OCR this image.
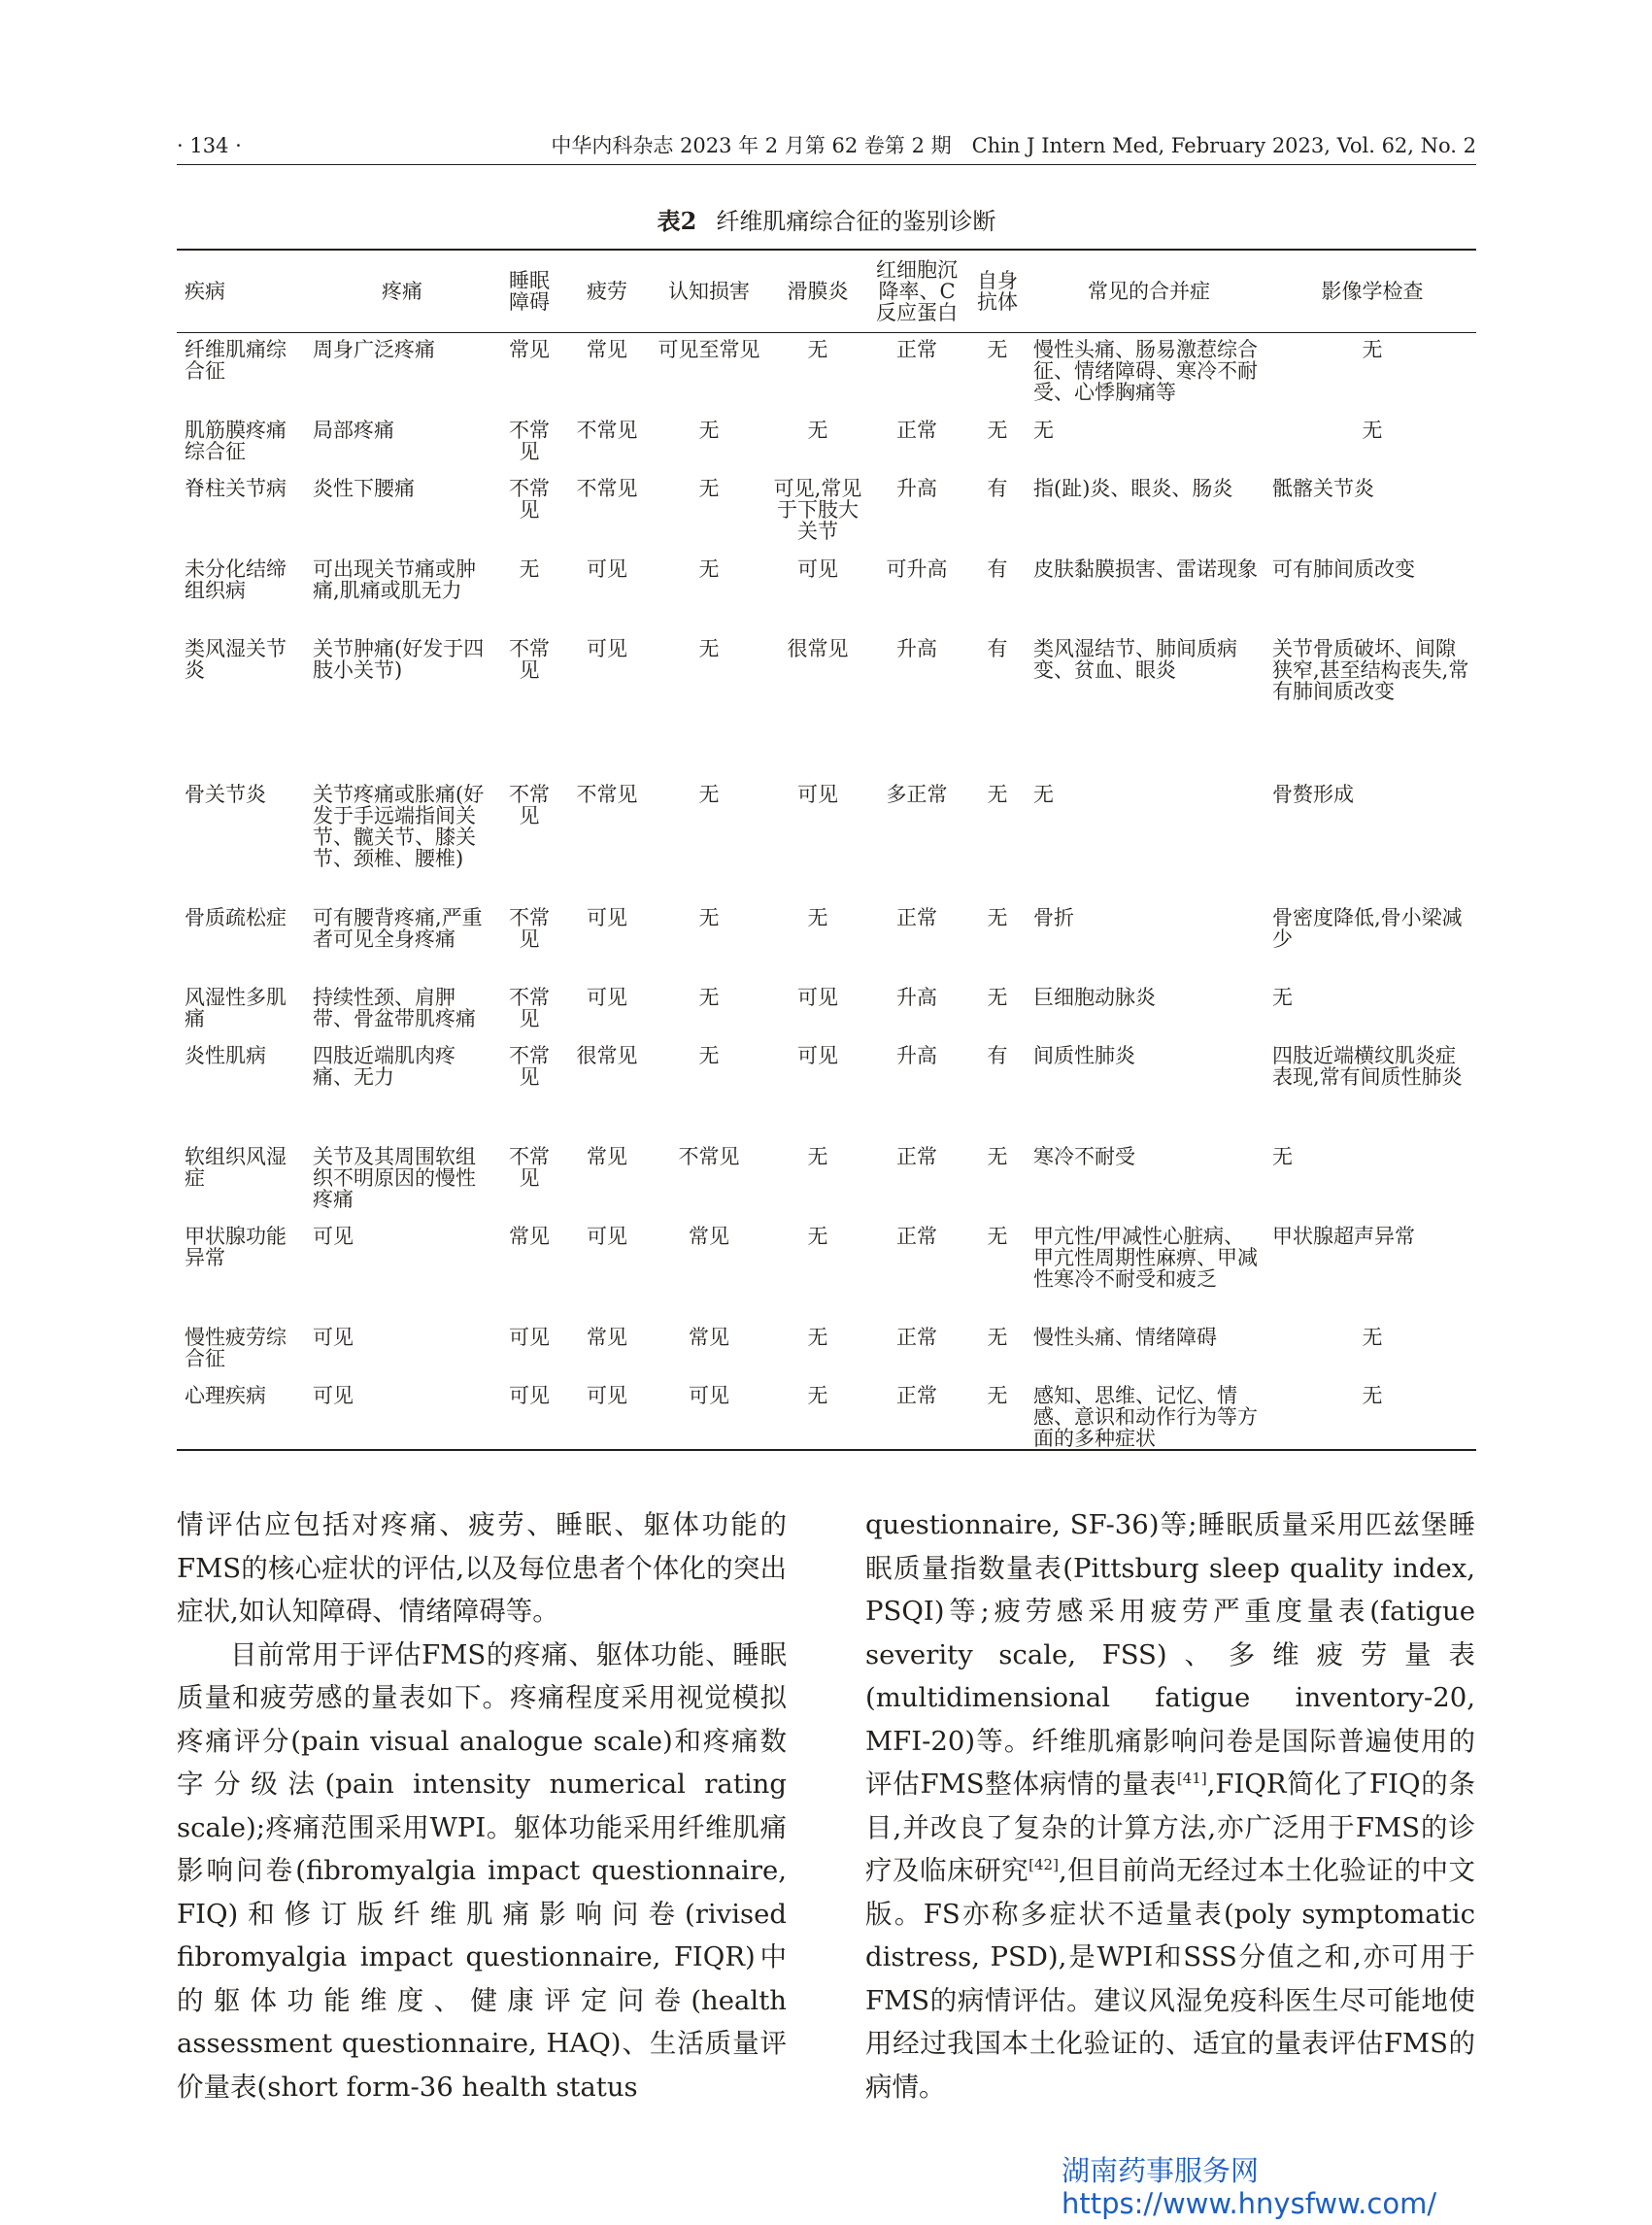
· 134 ·	中华内科杂志 2023 年 2 月第 62 卷第 2 期　Chin J Intern Med, February 2023, Vol. 62, No. 2
表2 纤维肌痛综合征的鉴别诊断
疾病	疼痛	睡眠障碍	疲劳	认知损害	滑膜炎	红细胞沉降率、C反应蛋白	自身抗体	常见的合并症	影像学检查
纤维肌痛综合征	周身广泛疼痛	常见	常见	可见至常见	无	正常	无	慢性头痛、肠易激惹综合征、情绪障碍、寒冷不耐受、心悸胸痛等	无
肌筋膜疼痛综合征	局部疼痛	不常见	不常见	无	无	正常	无	无	无
脊柱关节病	炎性下腰痛	不常见	不常见	无	可见,常见于下肢大关节	升高	有	指(趾)炎、眼炎、肠炎	骶髂关节炎
未分化结缔组织病	可出现关节痛或肿痛,肌痛或肌无力	无	可见	无	可见	可升高	有	皮肤黏膜损害、雷诺现象	可有肺间质改变
类风湿关节炎	关节肿痛(好发于四肢小关节)	不常见	可见	无	很常见	升高	有	类风湿结节、肺间质病变、贫血、眼炎	关节骨质破坏、间隙狭窄,甚至结构丧失,常有肺间质改变
骨关节炎	关节疼痛或胀痛(好发于手远端指间关节、髋关节、膝关节、颈椎、腰椎)	不常见	不常见	无	可见	多正常	无	无	骨赘形成
骨质疏松症	可有腰背疼痛,严重者可见全身疼痛	不常见	可见	无	无	正常	无	骨折	骨密度降低,骨小梁减少
风湿性多肌痛	持续性颈、肩胛带、骨盆带肌疼痛	不常见	可见	无	可见	升高	无	巨细胞动脉炎	无
炎性肌病	四肢近端肌肉疼痛、无力	不常见	很常见	无	可见	升高	有	间质性肺炎	四肢近端横纹肌炎症表现,常有间质性肺炎
软组织风湿症	关节及其周围软组织不明原因的慢性疼痛	不常见	常见	不常见	无	正常	无	寒冷不耐受	无
甲状腺功能异常	可见	常见	可见	常见	无	正常	无	甲亢性/甲减性心脏病、甲亢性周期性麻痹、甲减性寒冷不耐受和疲乏	甲状腺超声异常
慢性疲劳综合征	可见	可见	常见	常见	无	正常	无	慢性头痛、情绪障碍	无
心理疾病	可见	可见	可见	可见	无	正常	无	感知、思维、记忆、情感、意识和动作行为等方面的多种症状	无

情评估应包括对疼痛、疲劳、睡眠、躯体功能的FMS的核心症状的评估,以及每位患者个体化的突出症状,如认知障碍、情绪障碍等。

目前常用于评估FMS的疼痛、躯体功能、睡眠质量和疲劳感的量表如下。疼痛程度采用视觉模拟疼痛评分(pain visual analogue scale)和疼痛数字分级法(pain intensity numerical rating scale);疼痛范围采用WPI。躯体功能采用纤维肌痛影响问卷(fibromyalgia impact questionnaire, FIQ)和修订版纤维肌痛影响问卷(rivised fibromyalgia impact questionnaire, FIQR)中的躯体功能维度、健康评定问卷(health assessment questionnaire, HAQ)、生活质量评价量表(short form-36 health status

questionnaire, SF-36)等;睡眠质量采用匹兹堡睡眠质量指数量表(Pittsburg sleep quality index, PSQI)等;疲劳感采用疲劳严重度量表(fatigue severity scale, FSS)、多维疲劳量表(multidimensional fatigue inventory-20, MFI-20)等。纤维肌痛影响问卷是国际普遍使用的评估FMS整体病情的量表[41],FIQR简化了FIQ的条目,并改良了复杂的计算方法,亦广泛用于FMS的诊疗及临床研究[42],但目前尚无经过本土化验证的中文版。FS亦称多症状不适量表(poly symptomatic distress, PSD),是WPI和SSS分值之和,亦可用于FMS的病情评估。建议风湿免疫科医生尽可能地使用经过我国本土化验证的、适宜的量表评估FMS的病情。

湖南药事服务网
https://www.hnysfww.com/
